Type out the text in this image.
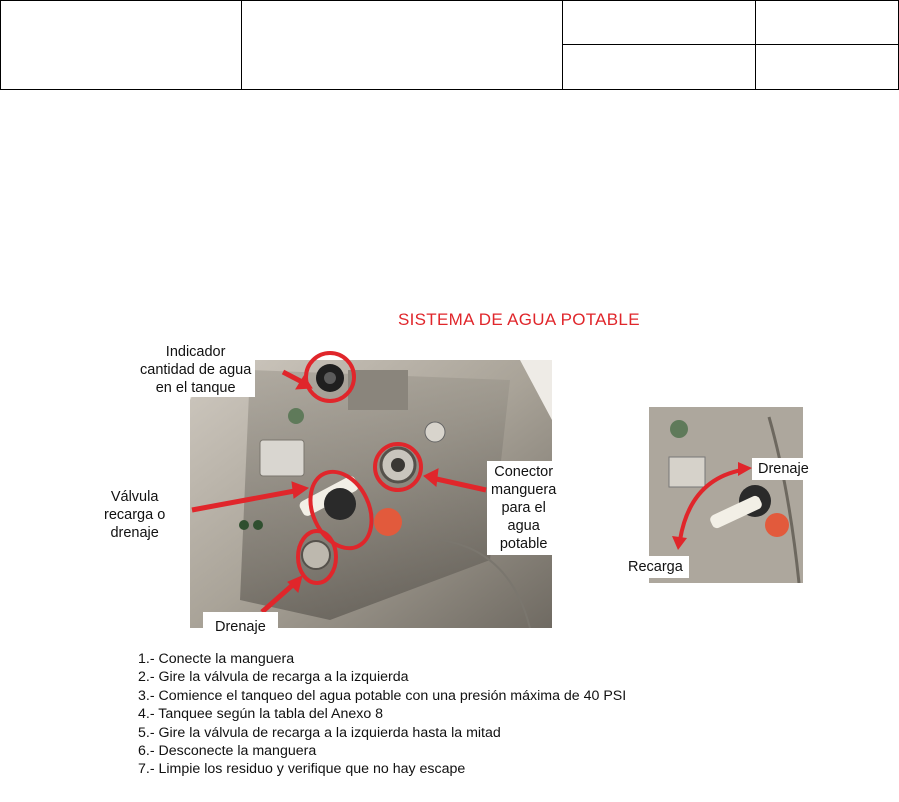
SISTEMA DE AGUA POTABLE
Indicador
cantidad de agua
en el tanque
Válvula
recarga o
drenaje
Drenaje
Conector
manguera
para el
agua
potable
Drenaje
Recarga
1.- Conecte la manguera
2.- Gire la válvula de recarga a la izquierda
3.- Comience el tanqueo del agua potable con una presión máxima de 40 PSI
4.- Tanquee según la tabla del Anexo 8
5.- Gire la válvula de recarga a la izquierda hasta la mitad
6.- Desconecte la manguera
7.- Limpie los residuo y verifique que no hay escape
